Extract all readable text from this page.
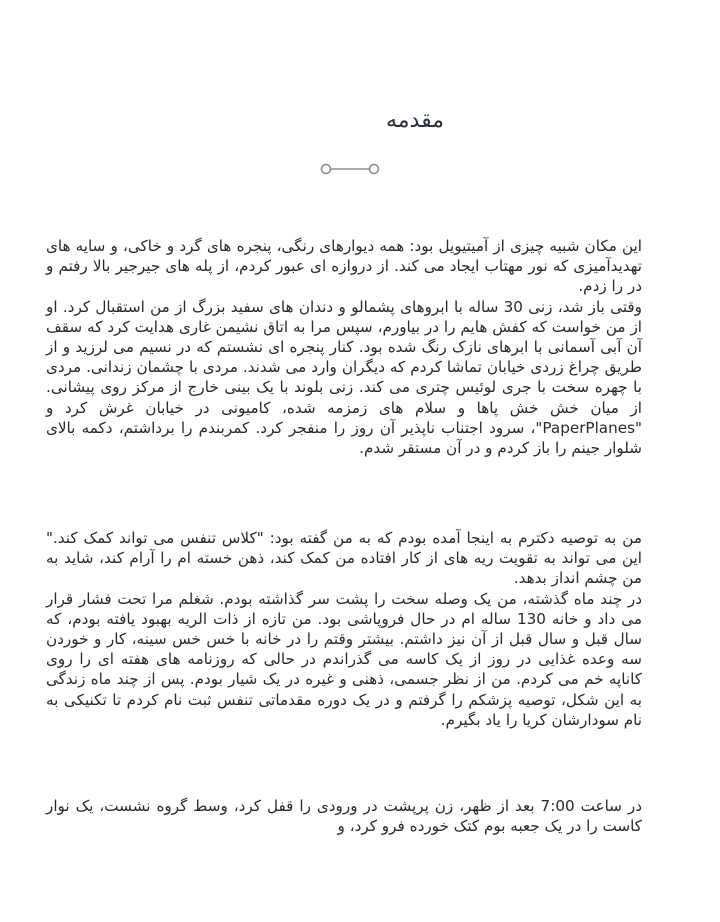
مقدمه

این مکان شبیه چیزی از آمیتیویل بود: همه دیوارهای رنگی، پنجره های گرد و خاکی، و سایه های تهدیدآمیزی که نور مهتاب ایجاد می کند. از دروازه ای عبور کردم، از پله های جیرجیر بالا رفتم و در را زدم.

وقتی باز شد، زنی 30 ساله با ابروهای پشمالو و دندان های سفید بزرگ از من استقبال کرد. او از من خواست که کفش هایم را در بیاورم، سپس مرا به اتاق نشیمن غاری هدایت کرد که سقف آن آبی آسمانی با ابرهای نازک رنگ شده بود. کنار پنجره ای نشستم که در نسیم می لرزید و از طریق چراغ زردی خیابان تماشا کردم که دیگران وارد می شدند. مردی با چشمان زندانی. مردی با چهره سخت با جری لوئیس چتری می کند. زنی بلوند با یک بینی خارج از مرکز روی پیشانی. از میان خش خش پاها و سلام های زمزمه شده، کامیونی در خیابان غرش کرد و "PaperPlanes"، سرود اجتناب ناپذیر آن روز را منفجر کرد. کمربندم را برداشتم، دکمه بالای شلوار جینم را باز کردم و در آن مستقر شدم.

من به توصیه دکترم به اینجا آمده بودم که به من گفته بود: "کلاس تنفس می تواند کمک کند." این می تواند به تقویت ریه های از کار افتاده من کمک کند، ذهن خسته ام را آرام کند، شاید به من چشم انداز بدهد.

در چند ماه گذشته، من یک وصله سخت را پشت سر گذاشته بودم. شغلم مرا تحت فشار قرار می داد و خانه 130 ساله ام در حال فروپاشی بود. من تازه از ذات الریه بهبود یافته بودم، که سال قبل و سال قبل از آن نیز داشتم. بیشتر وقتم را در خانه با خس خس سینه، کار و خوردن سه وعده غذایی در روز از یک کاسه می گذراندم در حالی که روزنامه های هفته ای را روی کاناپه خم می کردم. من از نظر جسمی، ذهنی و غیره در یک شیار بودم. پس از چند ماه زندگی به این شکل، توصیه پزشکم را گرفتم و در یک دوره مقدماتی تنفس ثبت نام کردم تا تکنیکی به نام سودارشان کریا را یاد بگیرم.

در ساعت 7:00 بعد از ظهر، زن پرپشت در ورودی را قفل کرد، وسط گروه نشست، یک نوار کاست را در یک جعبه بوم کتک خورده فرو کرد، و
